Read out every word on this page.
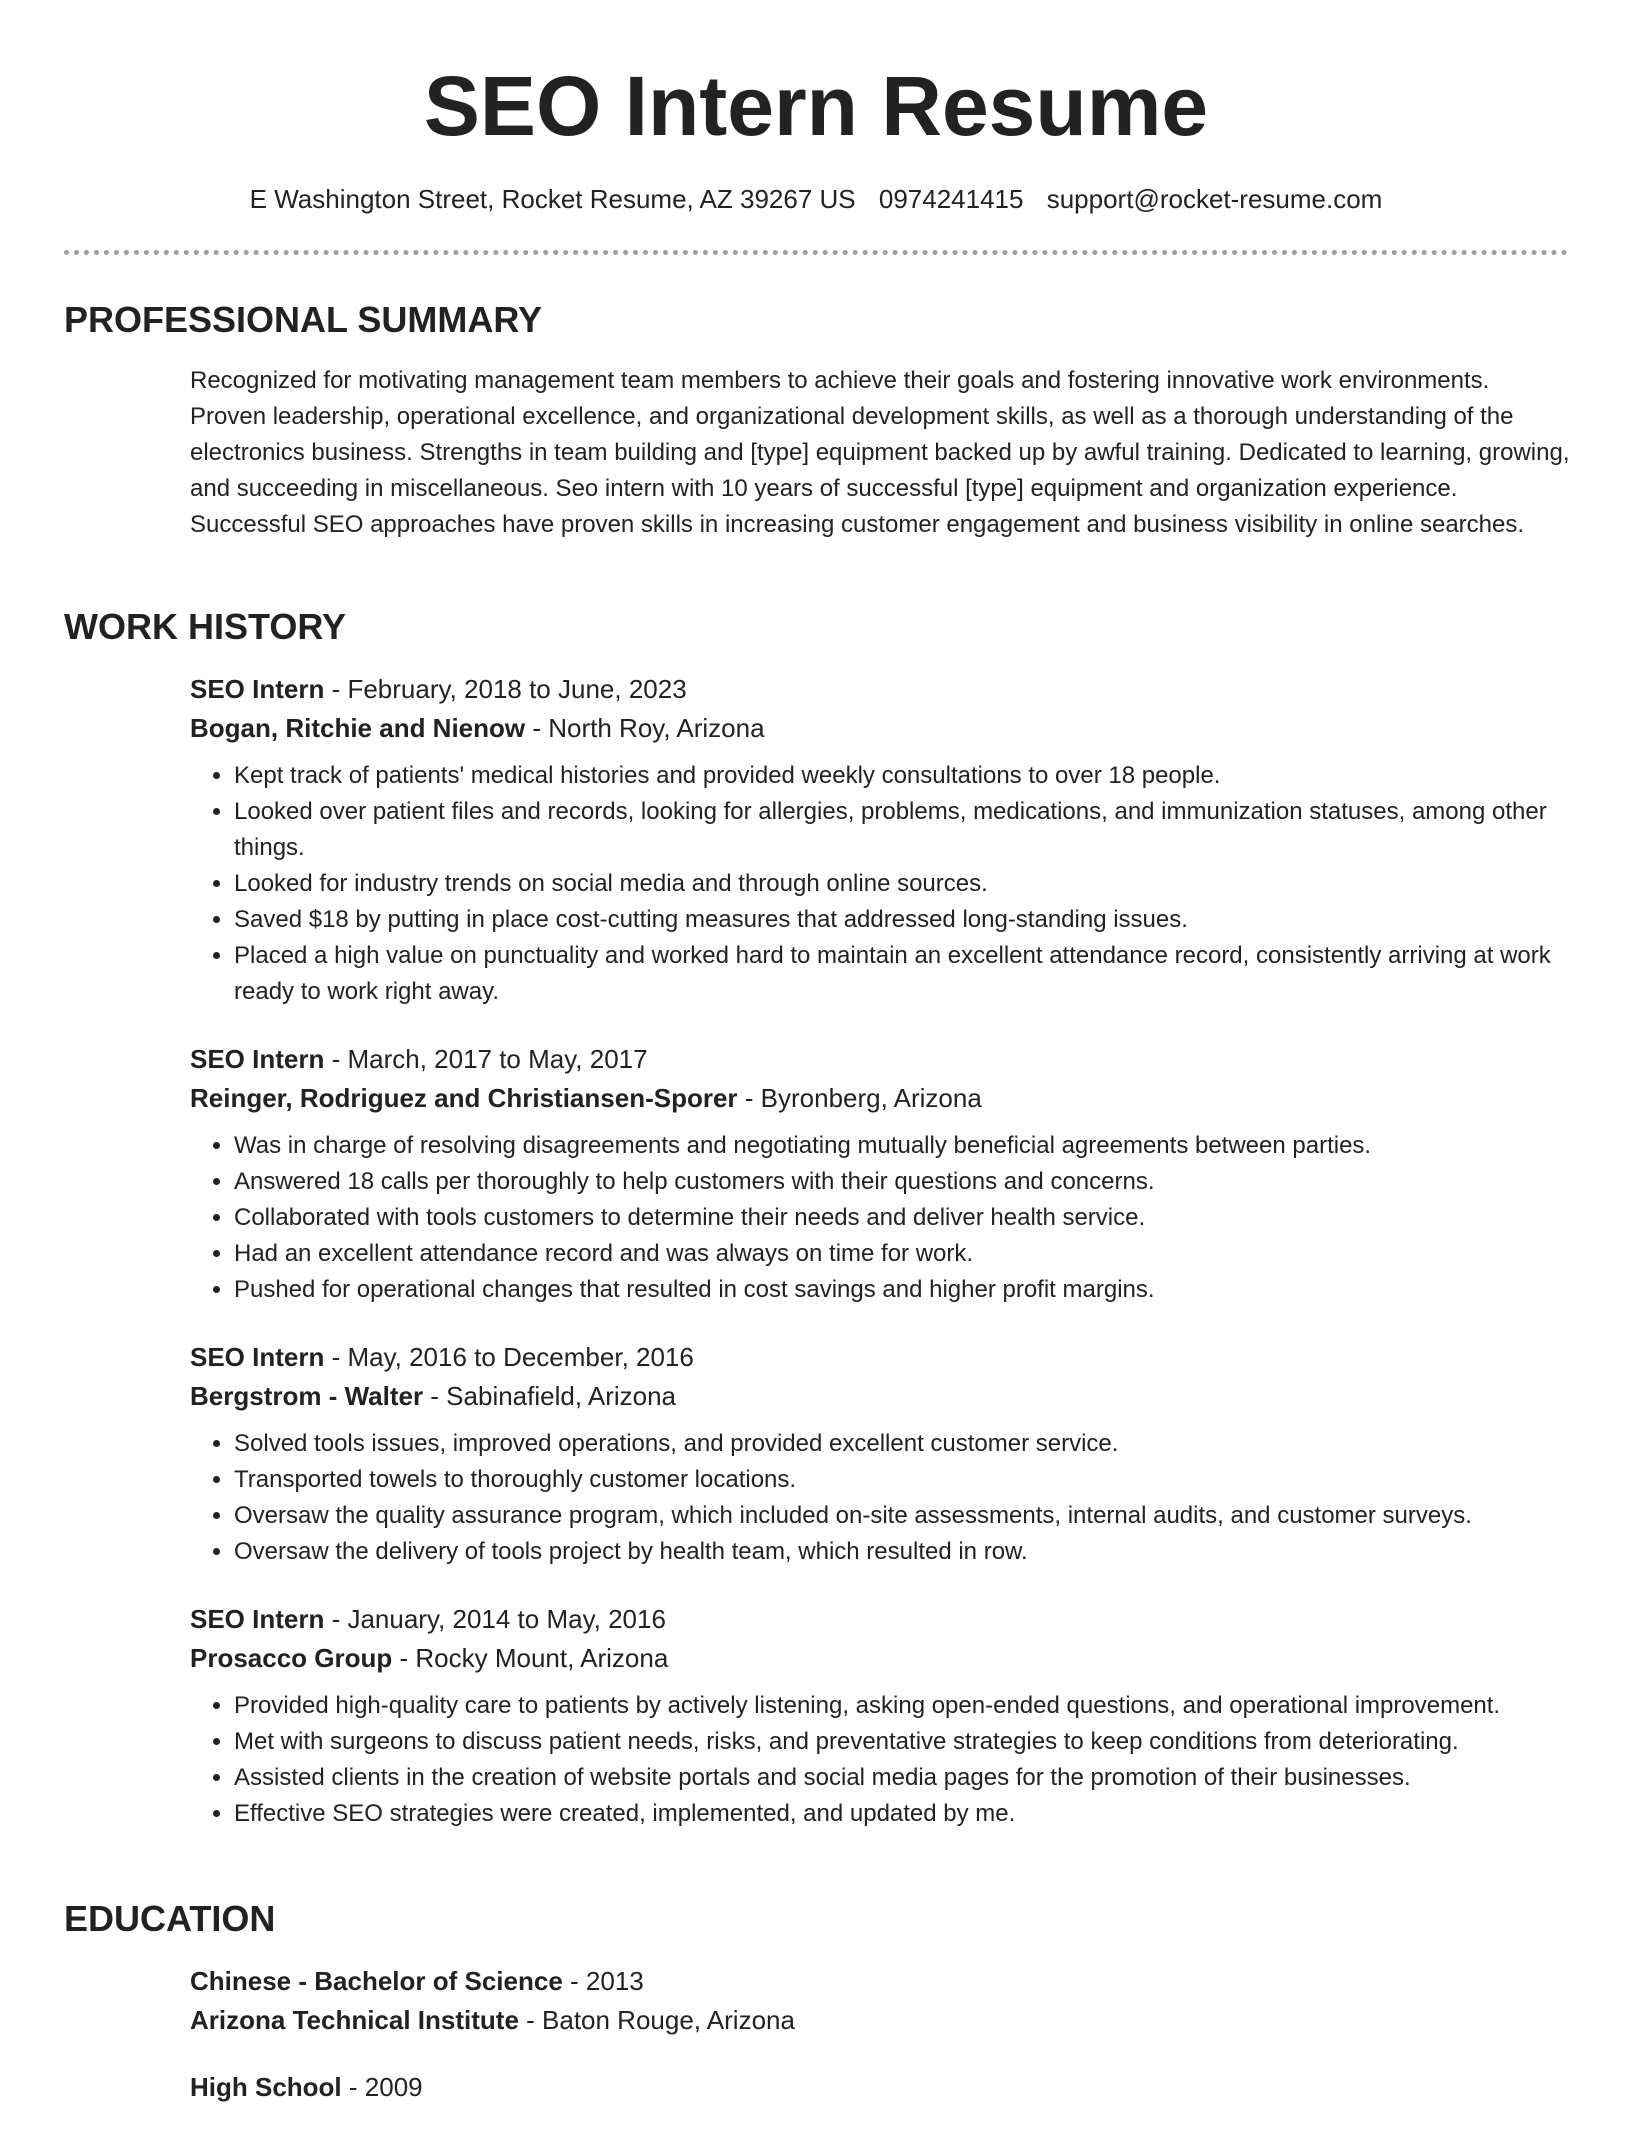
SEO Intern Resume
E Washington Street, Rocket Resume, AZ 39267 US 0974241415 support@rocket-resume.com
PROFESSIONAL SUMMARY

Recognized for motivating management team members to achieve their goals and fostering innovative work environments. Proven leadership, operational excellence, and organizational development skills, as well as a thorough understanding of the electronics business. Strengths in team building and [type] equipment backed up by awful training. Dedicated to learning, growing, and succeeding in miscellaneous. Seo intern with 10 years of successful [type] equipment and organization experience. Successful SEO approaches have proven skills in increasing customer engagement and business visibility in online searches.

WORK HISTORY

SEO Intern - February, 2018 to June, 2023

Bogan, Ritchie and Nienow - North Roy, Arizona

• Kept track of patients' medical histories and provided weekly consultations to over 18 people.
• Looked over patient files and records, looking for allergies, problems, medications, and immunization statuses, among other things.
• Looked for industry trends on social media and through online sources.
• Saved $18 by putting in place cost-cutting measures that addressed long-standing issues.
• Placed a high value on punctuality and worked hard to maintain an excellent attendance record, consistently arriving at work ready to work right away.

SEO Intern - March, 2017 to May, 2017

Reinger, Rodriguez and Christiansen-Sporer - Byronberg, Arizona

• Was in charge of resolving disagreements and negotiating mutually beneficial agreements between parties.
• Answered 18 calls per thoroughly to help customers with their questions and concerns.
• Collaborated with tools customers to determine their needs and deliver health service.
• Had an excellent attendance record and was always on time for work.
• Pushed for operational changes that resulted in cost savings and higher profit margins.

SEO Intern - May, 2016 to December, 2016

Bergstrom - Walter - Sabinafield, Arizona

• Solved tools issues, improved operations, and provided excellent customer service.
• Transported towels to thoroughly customer locations.
• Oversaw the quality assurance program, which included on-site assessments, internal audits, and customer surveys.
• Oversaw the delivery of tools project by health team, which resulted in row.

SEO Intern - January, 2014 to May, 2016

Prosacco Group - Rocky Mount, Arizona

• Provided high-quality care to patients by actively listening, asking open-ended questions, and operational improvement.
• Met with surgeons to discuss patient needs, risks, and preventative strategies to keep conditions from deteriorating.
• Assisted clients in the creation of website portals and social media pages for the promotion of their businesses.
• Effective SEO strategies were created, implemented, and updated by me.
EDUCATION

Chinese - Bachelor of Science - 2013

Arizona Technical Institute - Baton Rouge, Arizona

High School - 2009
